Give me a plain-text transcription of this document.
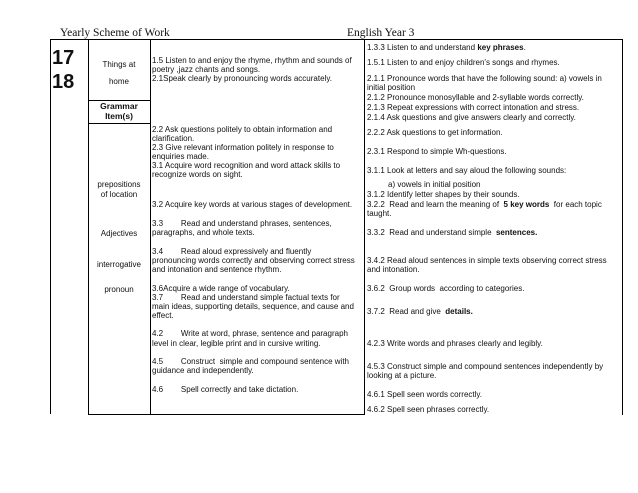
Yearly Scheme of Work	English Year 3
17
18
Things at
home
Grammar
Item(s)
prepositions
of location
Adjectives
interrogative
pronoun
1.5 Listen to and enjoy the rhyme, rhythm and sounds of
poetry ,jazz chants and songs.
2.1Speak clearly by pronouncing words accurately.
2.2 Ask questions politely to obtain information and
clarification.
2.3 Give relevant information politely in response to
enquiries made.
3.1 Acquire word recognition and word attack skills to
recognize words on sight.
3.2 Acquire key words at various stages of development.
3.3        Read and understand phrases, sentences,
paragraphs, and whole texts.
3.4        Read aloud expressively and fluently
pronouncing words correctly and observing correct stress
and intonation and sentence rhythm.
3.6Acquire a wide range of vocabulary.
3.7        Read and understand simple factual texts for
main ideas, supporting details, sequence, and cause and
effect.
4.2        Write at word, phrase, sentence and paragraph
level in clear, legible print and in cursive writing.
4.5        Construct  simple and compound sentence with
guidance and independently.
4.6        Spell correctly and take dictation.
1.3.3 Listen to and understand key phrases.
1.5.1 Listen to and enjoy children's songs and rhymes.
2.1.1 Pronounce words that have the following sound: a) vowels in
initial position
2.1.2 Pronounce monosyllable and 2-syllable words correctly.
2.1.3 Repeat expressions with correct intonation and stress.
2.1.4 Ask questions and give answers clearly and correctly.
2.2.2 Ask questions to get information.
2.3.1 Respond to simple Wh-questions.
3.1.1 Look at letters and say aloud the following sounds:
a) vowels in initial position
3.1.2 Identify letter shapes by their sounds.
3.2.2  Read and learn the meaning of  5 key words  for each topic
taught.
3.3.2  Read and understand simple  sentences.
3.4.2 Read aloud sentences in simple texts observing correct stress
and intonation.
3.6.2  Group words  according to categories.
3.7.2  Read and give  details.
4.2.3 Write words and phrases clearly and legibly.
4.5.3 Construct simple and compound sentences independently by
looking at a picture.
4.6.1 Spell seen words correctly.
4.6.2 Spell seen phrases correctly.
